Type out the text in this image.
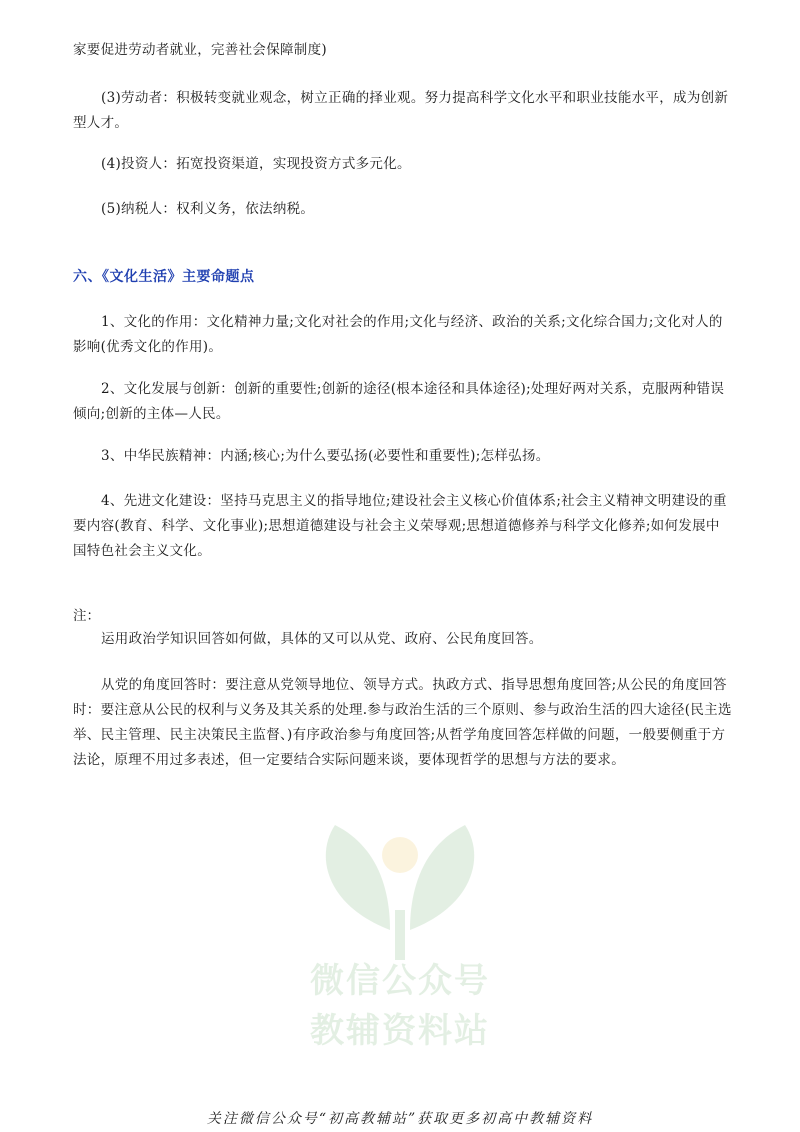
家要促进劳动者就业，完善社会保障制度)

(3)劳动者：积极转变就业观念，树立正确的择业观。努力提高科学文化水平和职业技能水平，成为创新型人才。

(4)投资人：拓宽投资渠道，实现投资方式多元化。

(5)纳税人：权利义务，依法纳税。

六、《文化生活》主要命题点

1、文化的作用：文化精神力量;文化对社会的作用;文化与经济、政治的关系;文化综合国力;文化对人的影响(优秀文化的作用)。

2、文化发展与创新：创新的重要性;创新的途径(根本途径和具体途径);处理好两对关系，克服两种错误倾向;创新的主体—人民。

3、中华民族精神：内涵;核心;为什么要弘扬(必要性和重要性);怎样弘扬。

4、先进文化建设：坚持马克思主义的指导地位;建设社会主义核心价值体系;社会主义精神文明建设的重要内容(教育、科学、文化事业);思想道德建设与社会主义荣辱观;思想道德修养与科学文化修养;如何发展中国特色社会主义文化。

注：

运用政治学知识回答如何做，具体的又可以从党、政府、公民角度回答。

从党的角度回答时：要注意从党领导地位、领导方式。执政方式、指导思想角度回答;从公民的角度回答时：要注意从公民的权利与义务及其关系的处理.参与政治生活的三个原则、参与政治生活的四大途径(民主选举、民主管理、民主决策民主监督、)有序政治参与角度回答;从哲学角度回答怎样做的问题，一般要侧重于方法论，原理不用过多表述，但一定要结合实际问题来谈，要体现哲学的思想与方法的要求。

微信公众号
教辅资料站
关注微信公众号“初高教辅站”获取更多初高中教辅资料
